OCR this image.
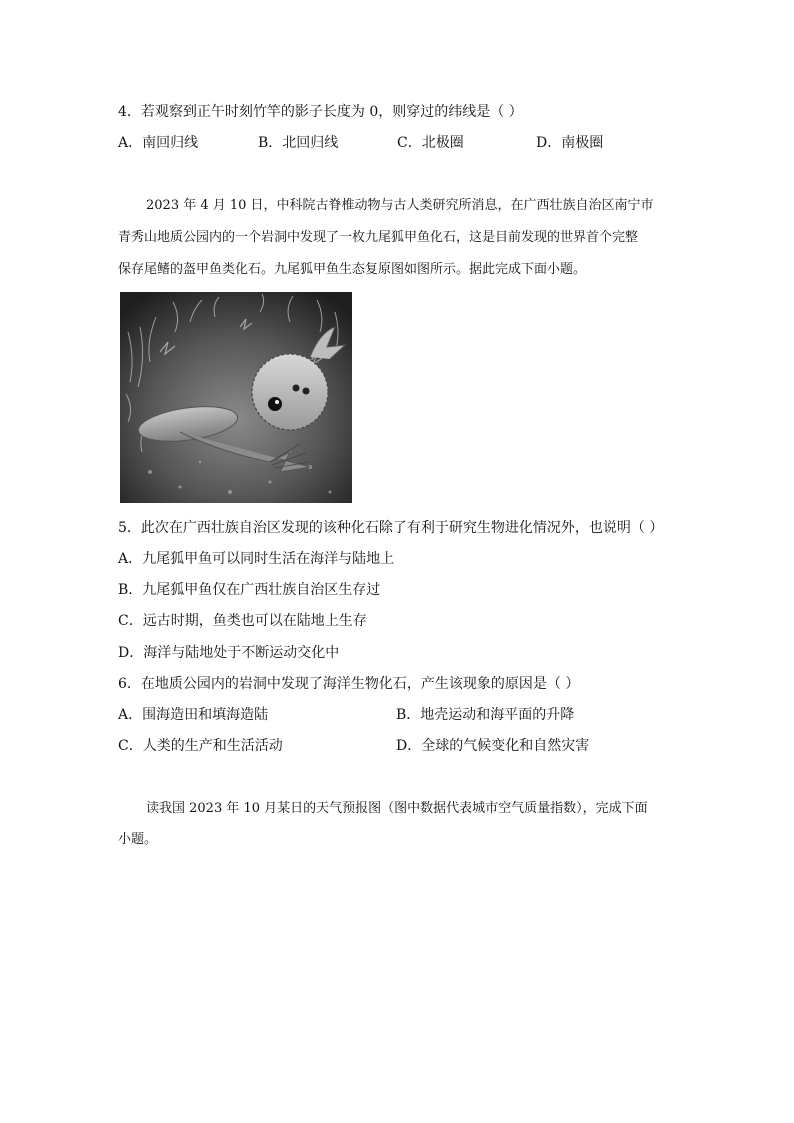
4．若观察到正午时刻竹竿的影子长度为 0，则穿过的纬线是（ ）
A．南回归线	B．北回归线	C．北极圈	D．南极圈
2023 年 4 月 10 日，中科院古脊椎动物与古人类研究所消息，在广西壮族自治区南宁市
青秀山地质公园内的一个岩洞中发现了一枚九尾狐甲鱼化石，这是目前发现的世界首个完整
保存尾鳍的盔甲鱼类化石。九尾狐甲鱼生态复原图如图所示。据此完成下面小题。
5．此次在广西壮族自治区发现的该种化石除了有利于研究生物进化情况外，也说明（ ）
A．九尾狐甲鱼可以同时生活在海洋与陆地上
B．九尾狐甲鱼仅在广西壮族自治区生存过
C．远古时期，鱼类也可以在陆地上生存
D．海洋与陆地处于不断运动交化中
6．在地质公园内的岩洞中发现了海洋生物化石，产生该现象的原因是（ ）
A．围海造田和填海造陆	B．地壳运动和海平面的升降
C．人类的生产和生活活动	D．全球的气候变化和自然灾害
读我国 2023 年 10 月某日的天气预报图（图中数据代表城市空气质量指数），完成下面
小题。
